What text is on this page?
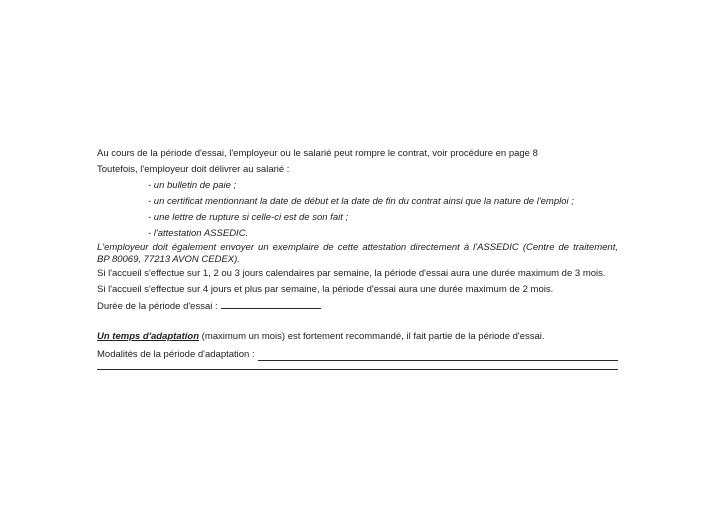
Au cours de la période d'essai, l'employeur ou le salarié peut rompre le contrat, voir procédure en page 8

Toutefois, l'employeur doit délivrer au salarié :

- un bulletin de paie ;

- un certificat mentionnant la date de début et la date de fin du contrat ainsi que la nature de l'emploi ;

- une lettre de rupture si celle-ci est de son fait ;

- l'attestation ASSEDIC.

L'employeur doit également envoyer un exemplaire de cette attestation directement à l'ASSEDIC (Centre de traitement,

BP 80069, 77213 AVON CEDEX).

Si l'accueil s'effectue sur 1, 2 ou 3 jours calendaires par semaine, la période d'essai aura une durée maximum de 3 mois.

Si l'accueil s'effectue sur 4 jours et plus par semaine, la période d'essai aura une durée maximum de 2 mois.

Durée de la période d'essai :

Un temps d'adaptation (maximum un mois) est fortement recommandé, il fait partie de la période d'essai.

Modalités de la période d'adaptation :
